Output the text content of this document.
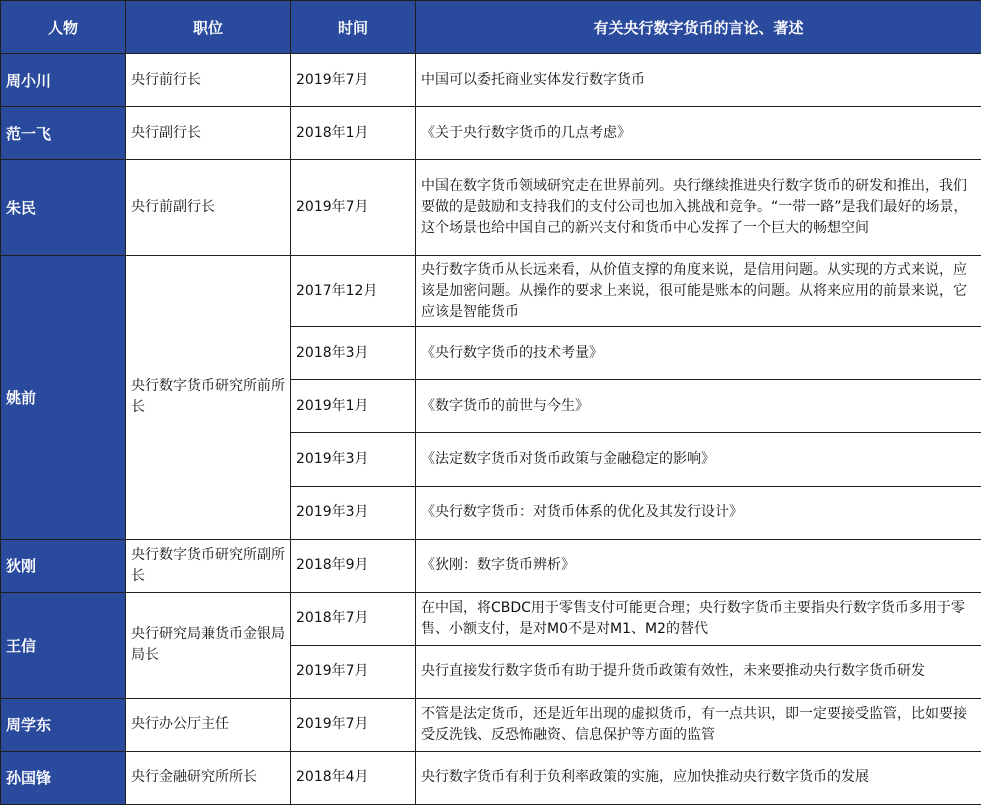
人物	职位	时间	有关央行数字货币的言论、著述
周小川	央行前行长	2019年7月	中国可以委托商业实体发行数字货币
范一飞	央行副行长	2018年1月	《关于央行数字货币的几点考虑》
朱民	央行前副行长	2019年7月	中国在数字货币领域研究走在世界前列。央行继续推进央行数字货币的研发和推出，我们要做的是鼓励和支持我们的支付公司也加入挑战和竞争。“一带一路”是我们最好的场景，这个场景也给中国自己的新兴支付和货币中心发挥了一个巨大的畅想空间
姚前	央行数字货币研究所前所长	2017年12月	央行数字货币从长远来看，从价值支撑的角度来说，是信用问题。从实现的方式来说，应该是加密问题。从操作的要求上来说，很可能是账本的问题。从将来应用的前景来说，它应该是智能货币
		2018年3月	《央行数字货币的技术考量》
		2019年1月	《数字货币的前世与今生》
		2019年3月	《法定数字货币对货币政策与金融稳定的影响》
		2019年3月	《央行数字货币：对货币体系的优化及其发行设计》
狄刚	央行数字货币研究所副所长	2018年9月	《狄刚：数字货币辨析》
王信	央行研究局兼货币金银局局长	2018年7月	在中国，将CBDC用于零售支付可能更合理；央行数字货币主要指央行数字货币多用于零售、小额支付，是对M0不是对M1、M2的替代
		2019年7月	央行直接发行数字货币有助于提升货币政策有效性，未来要推动央行数字货币研发
周学东	央行办公厅主任	2019年7月	不管是法定货币，还是近年出现的虚拟货币，有一点共识，即一定要接受监管，比如要接受反洗钱、反恐怖融资、信息保护等方面的监管
孙国锋	央行金融研究所所长	2018年4月	央行数字货币有利于负利率政策的实施，应加快推动央行数字货币的发展
